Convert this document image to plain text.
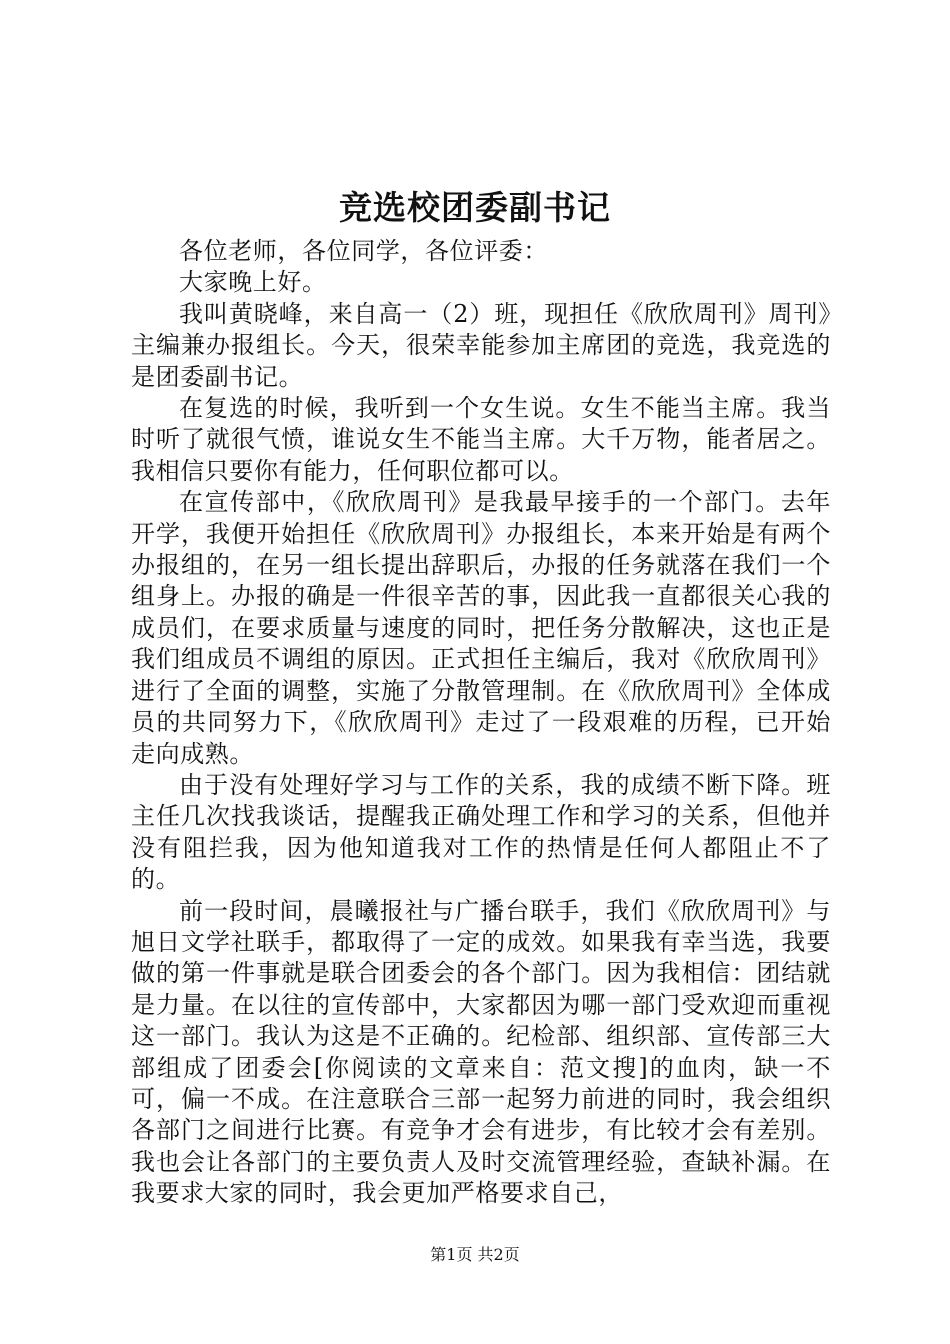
竞选校团委副书记

各位老师，各位同学，各位评委：

大家晚上好。

我叫黄晓峰，来自高一（2）班，现担任《欣欣周刊》周刊》主编兼办报组长。今天，很荣幸能参加主席团的竞选，我竞选的是团委副书记。

在复选的时候，我听到一个女生说。女生不能当主席。我当时听了就很气愤，谁说女生不能当主席。大千万物，能者居之。我相信只要你有能力，任何职位都可以。

在宣传部中，《欣欣周刊》是我最早接手的一个部门。去年开学，我便开始担任《欣欣周刊》办报组长，本来开始是有两个办报组的，在另一组长提出辞职后，办报的任务就落在我们一个组身上。办报的确是一件很辛苦的事，因此我一直都很关心我的成员们，在要求质量与速度的同时，把任务分散解决，这也正是我们组成员不调组的原因。正式担任主编后，我对《欣欣周刊》进行了全面的调整，实施了分散管理制。在《欣欣周刊》全体成员的共同努力下，《欣欣周刊》走过了一段艰难的历程，已开始走向成熟。

由于没有处理好学习与工作的关系，我的成绩不断下降。班主任几次找我谈话，提醒我正确处理工作和学习的关系，但他并没有阻拦我，因为他知道我对工作的热情是任何人都阻止不了的。

前一段时间，晨曦报社与广播台联手，我们《欣欣周刊》与旭日文学社联手，都取得了一定的成效。如果我有幸当选，我要做的第一件事就是联合团委会的各个部门。因为我相信：团结就是力量。在以往的宣传部中，大家都因为哪一部门受欢迎而重视这一部门。我认为这是不正确的。纪检部、组织部、宣传部三大部组成了团委会[你阅读的文章来自：范文搜]的血肉，缺一不可，偏一不成。在注意联合三部一起努力前进的同时，我会组织各部门之间进行比赛。有竞争才会有进步，有比较才会有差别。我也会让各部门的主要负责人及时交流管理经验，查缺补漏。在我要求大家的同时，我会更加严格要求自己，

第1页 共2页
